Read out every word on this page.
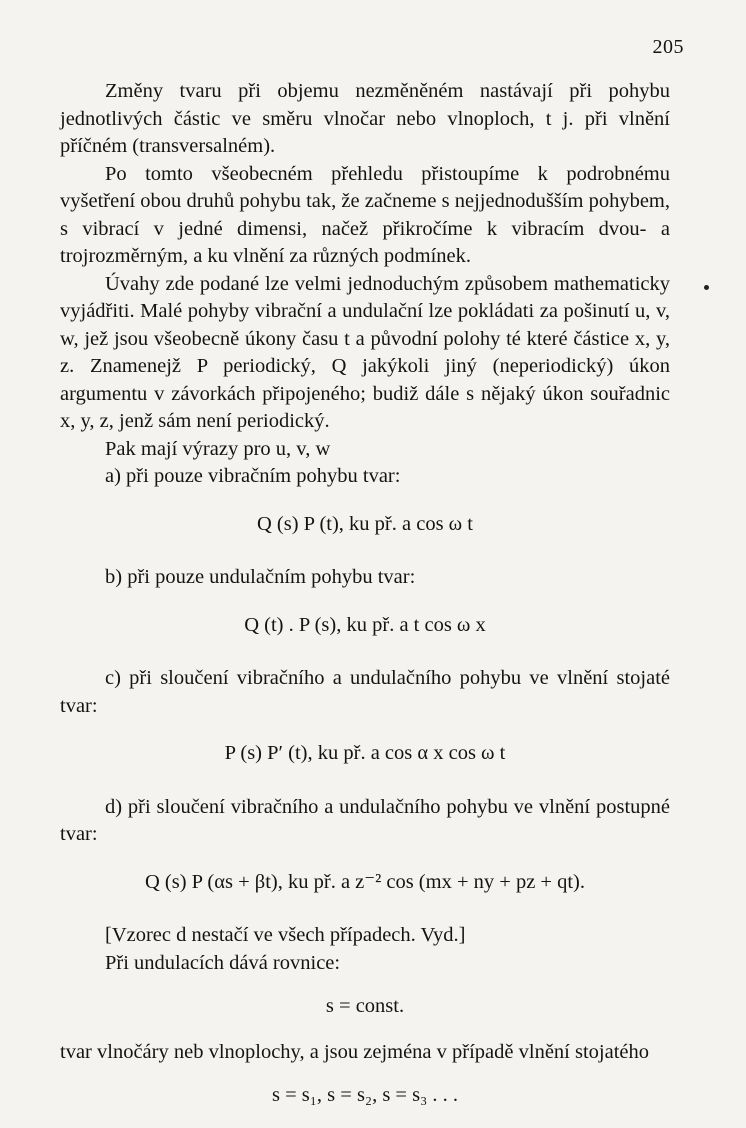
205

Změny tvaru při objemu nezměněném nastávají při pohybu jednotlivých částic ve směru vlnočar nebo vlnoploch, t j. při vlnění příčném (transversalném).

Po tomto všeobecném přehledu přistoupíme k podrobnému vyšetření obou druhů pohybu tak, že začneme s nejjednodušším pohybem, s vibrací v jedné dimensi, načež přikročíme k vibracím dvou- a trojrozměrným, a ku vlnění za různých podmínek.

Úvahy zde podané lze velmi jednoduchým způsobem mathematicky vyjádřiti. Malé pohyby vibrační a undulační lze pokládati za pošinutí u, v, w, jež jsou všeobecně úkony času t a původní polohy té které částice x, y, z. Znamenejž P periodický, Q jakýkoli jiný (neperiodický) úkon argumentu v závorkách připojeného; budiž dále s nějaký úkon souřadnic x, y, z, jenž sám není periodický.

Pak mají výrazy pro u, v, w

a) při pouze vibračním pohybu tvar:

Q (s) P (t), ku př. a cos ω t

b) při pouze undulačním pohybu tvar:

Q (t) . P (s), ku př. a t cos ω x

c) při sloučení vibračního a undulačního pohybu ve vlnění stojaté tvar:

P (s) P′ (t), ku př. a cos α x cos ω t

d) při sloučení vibračního a undulačního pohybu ve vlnění postupné tvar:

Q (s) P (αs + βt), ku př. a z⁻² cos (mx + ny + pz + qt).

[Vzorec d nestačí ve všech případech. Vyd.]

Při undulacích dává rovnice:

s = const.

tvar vlnočáry neb vlnoplochy, a jsou zejména v případě vlnění stojatého

s = s₁, s = s₂, s = s₃ . . .
